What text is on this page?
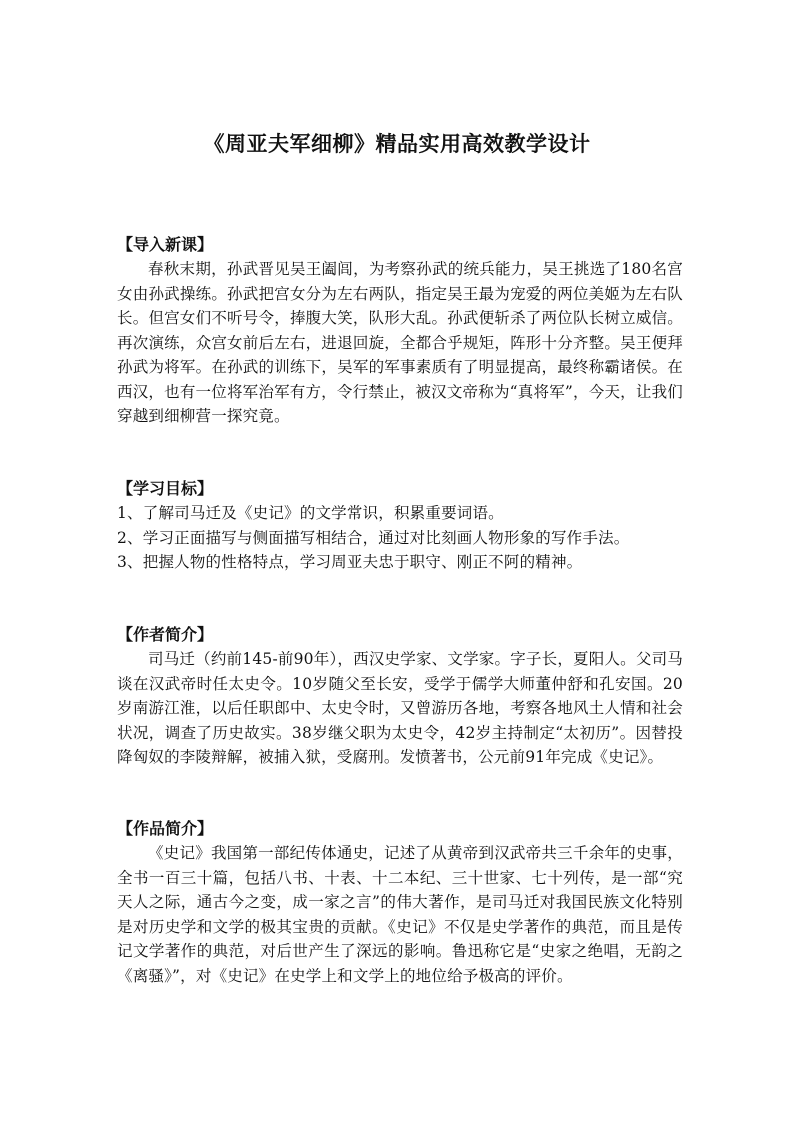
《周亚夫军细柳》精品实用高效教学设计

【导入新课】

春秋末期，孙武晋见吴王阖闾，为考察孙武的统兵能力，吴王挑选了180名宫女由孙武操练。孙武把宫女分为左右两队，指定吴王最为宠爱的两位美姬为左右队长。但宫女们不听号令，捧腹大笑，队形大乱。孙武便斩杀了两位队长树立威信。再次演练，众宫女前后左右，进退回旋，全都合乎规矩，阵形十分齐整。吴王便拜孙武为将军。在孙武的训练下，吴军的军事素质有了明显提高，最终称霸诸侯。在西汉，也有一位将军治军有方，令行禁止，被汉文帝称为“真将军”，今天，让我们穿越到细柳营一探究竟。

【学习目标】

1、了解司马迁及《史记》的文学常识，积累重要词语。

2、学习正面描写与侧面描写相结合，通过对比刻画人物形象的写作手法。

3、把握人物的性格特点，学习周亚夫忠于职守、刚正不阿的精神。

【作者简介】

司马迁（约前145-前90年），西汉史学家、文学家。字子长，夏阳人。父司马谈在汉武帝时任太史令。10岁随父至长安，受学于儒学大师董仲舒和孔安国。20岁南游江淮，以后任职郎中、太史令时，又曾游历各地，考察各地风土人情和社会状况，调查了历史故实。38岁继父职为太史令，42岁主持制定“太初历”。因替投降匈奴的李陵辩解，被捕入狱，受腐刑。发愤著书，公元前91年完成《史记》。

【作品简介】

《史记》我国第一部纪传体通史，记述了从黄帝到汉武帝共三千余年的史事，全书一百三十篇，包括八书、十表、十二本纪、三十世家、七十列传，是一部“究天人之际，通古今之变，成一家之言”的伟大著作，是司马迁对我国民族文化特别是对历史学和文学的极其宝贵的贡献。《史记》不仅是史学著作的典范，而且是传记文学著作的典范，对后世产生了深远的影响。鲁迅称它是“史家之绝唱，无韵之《离骚》”，对《史记》在史学上和文学上的地位给予极高的评价。
